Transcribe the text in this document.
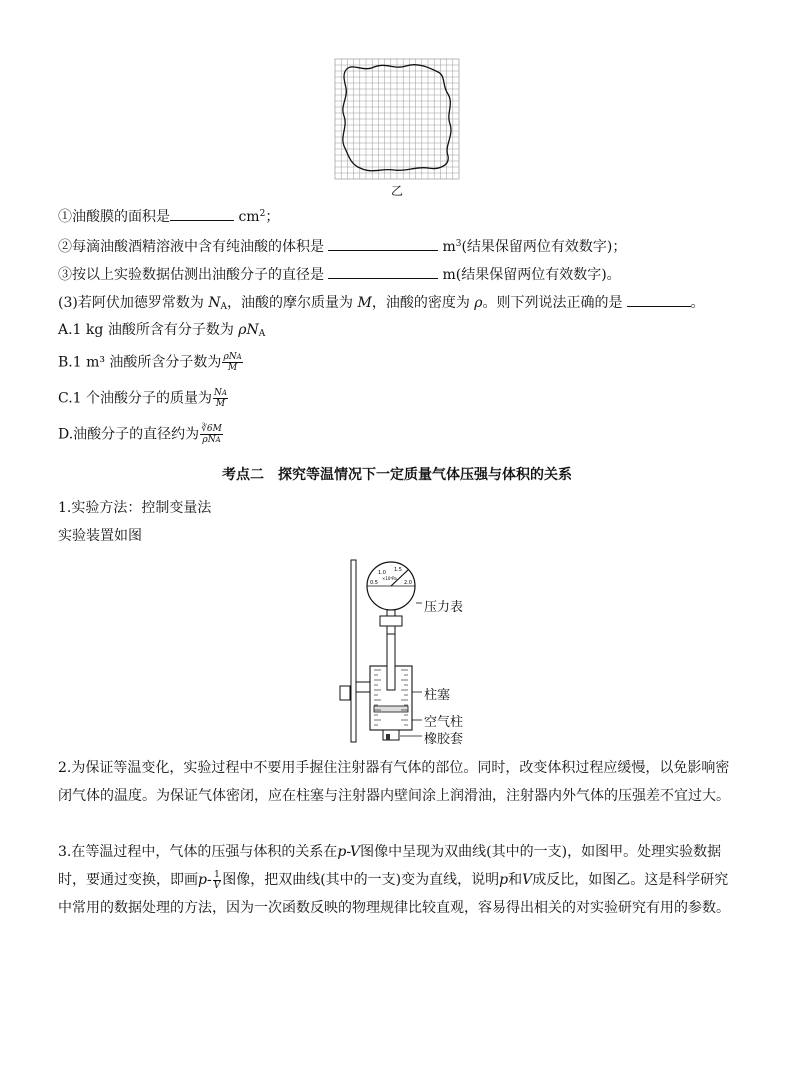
乙
①油酸膜的面积是	$cm^2$；
②每滴油酸酒精溶液中含有纯油酸的体积是	$m^3$(结果保留两位有效数字)；
③按以上实验数据估测出油酸分子的直径是	m(结果保留两位有效数字)。
(3)若阿伏加德罗常数为 $N_A$，油酸的摩尔质量为 M，油酸的密度为 ρ。则下列说法正确的是	。
A.1 kg 油酸所含有分子数为 $\rho N_A$
B.1 m³ 油酸所含分子数为 $\frac{\text{ρNA}}{M}$
C.1 个油酸分子的质量为 $\frac{NA}{M}$
D.油酸分子的直径约为 $\frac{∛6M}{\text{ρNA}}$
考点二　探究等温情况下一定质量气体压强与体积的关系
1.实验方法：控制变量法
实验装置如图
0.5
1.0 1.5
2.0
×10⁵Pa
压力表
柱塞
空气柱
橡胶套
2.为保证等温变化，实验过程中不要用手握住注射器有气体的部位。同时，改变体积过程应缓慢，以免影响密闭气体的温度。为保证气体密闭，应在柱塞与注射器内壁间涂上润滑油，注射器内外气体的压强差不宜过大。
3.在等温过程中，气体的压强与体积的关系在p-V图像中呈现为双曲线(其中的一支)，如图甲。处理实验数据时，要通过变换，即画$p- \frac{1}{V}$ 图像，把双曲线(其中的一支)变为直线，说明p和V成反比，如图乙。这是科学研究中常用的数据处理的方法，因为一次函数反映的物理规律比较直观，容易得出相关的对实验研究有用的参数。
